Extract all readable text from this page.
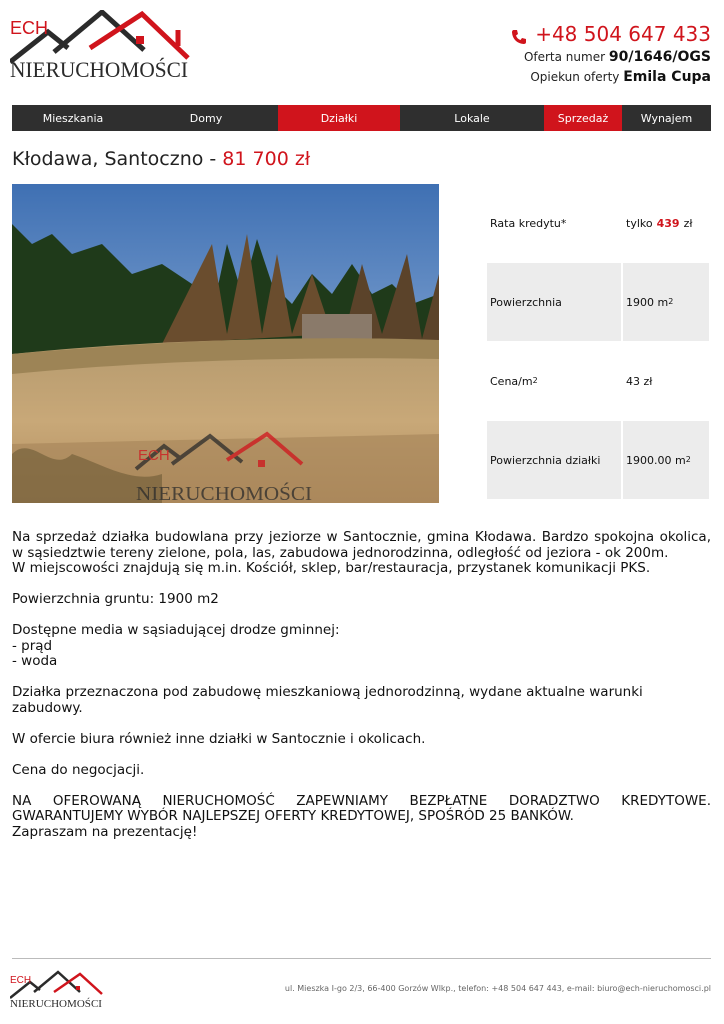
ECH
NIERUCHOMOŚCI
+48 504 647 433
Oferta numer 90/1646/OGS
Opiekun oferty Emila Cupa
Mieszkania	Domy	Działki	Lokale	Sprzedaż	Wynajem
Kłodawa, Santoczno - 81 700 zł
ECH
NIERUCHOMOŚCI
Rata kredytu*	tylko 439 zł
Powierzchnia	1900 m 2
Cena/m 2	43 zł
Powierzchnia działki	1900.00 m 2

Na sprzedaż działka budowlana przy jeziorze w Santocznie, gmina Kłodawa. Bardzo spokojna okolica, w sąsiedztwie tereny zielone, pola, las, zabudowa jednorodzinna, odległość od jeziora - ok 200m.

W miejscowości znajdują się m.in. Kościół, sklep, bar/restauracja, przystanek komunikacji PKS.

Powierzchnia gruntu: 1900 m2

Dostępne media w sąsiadującej drodze gminnej:

- prąd

- woda

Działka przeznaczona pod zabudowę mieszkaniową jednorodzinną, wydane aktualne warunki zabudowy.

W ofercie biura również inne działki w Santocznie i okolicach.

Cena do negocjacji.

NA OFEROWANĄ NIERUCHOMOŚĆ ZAPEWNIAMY BEZPŁATNE DORADZTWO KREDYTOWE.

GWARANTUJEMY WYBÓR NAJLEPSZEJ OFERTY KREDYTOWEJ, SPOŚRÓD 25 BANKÓW.

Zapraszam na prezentację!

ECH
NIERUCHOMOŚCI
ul. Mieszka I-go 2/3, 66-400 Gorzów Wlkp., telefon: +48 504 647 443, e-mail: biuro@ech-nieruchomosci.pl
